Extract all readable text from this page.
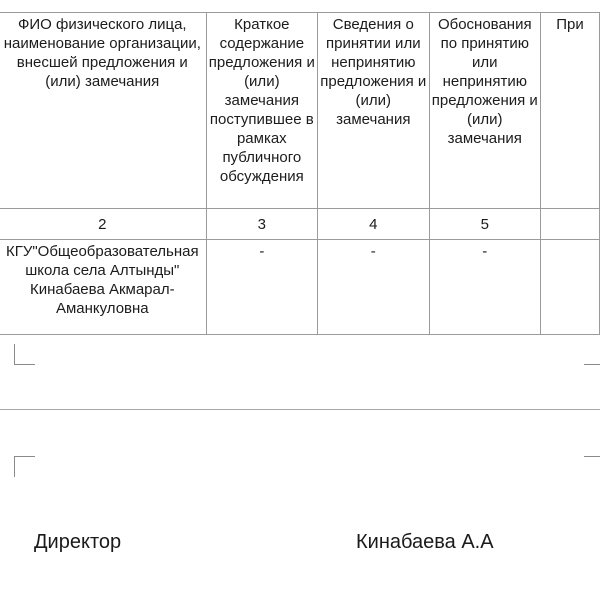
ФИО физического лица, наименование организации, внесшей предложения и (или) замечания	Краткое содержание предложения и (или) замечания поступившее в рамках публичного обсуждения	Сведения о принятии или непринятию предложения и (или) замечания	Обоснования по принятию или непринятию предложения и (или) замечания	При
2	3	4	5	
КГУ"Общеобразовательная школа села Алтынды" Кинабаева Акмарал-Аманкуловна	-	-	-	
Директор	Кинабаева А.А
